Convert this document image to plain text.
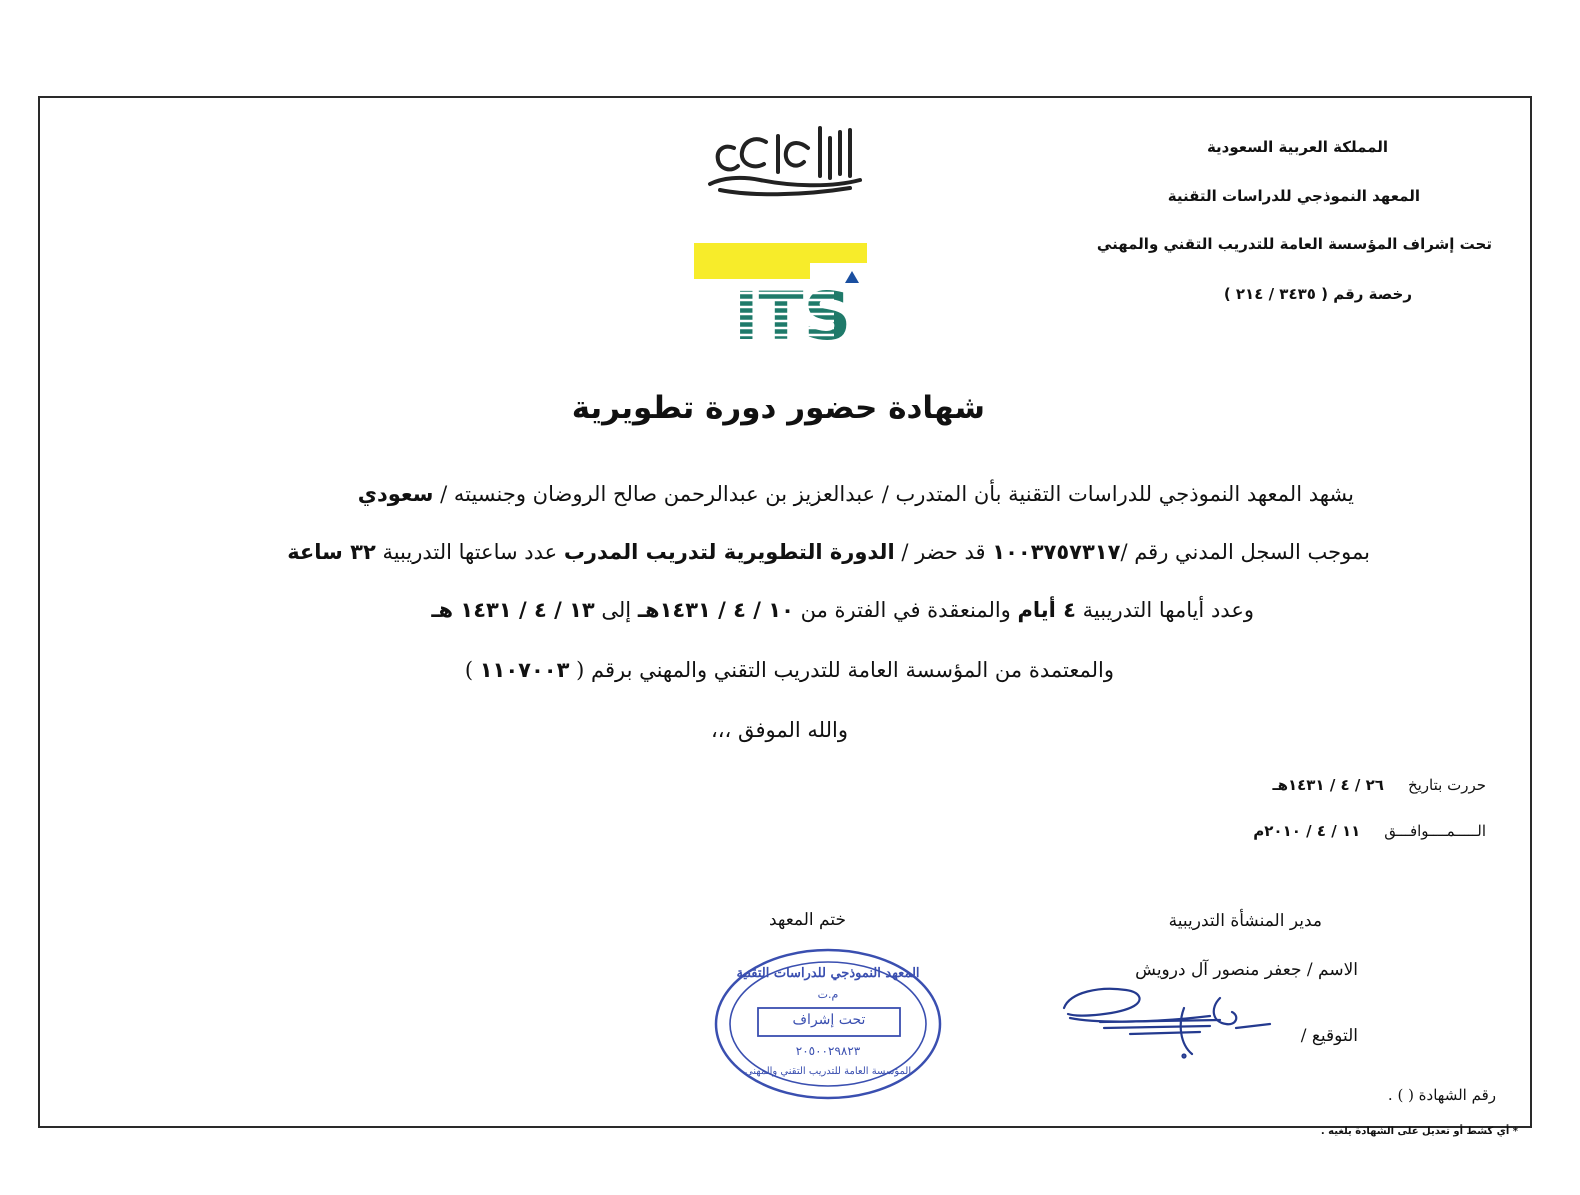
المملكة العربية السعودية
المعهد النموذجي للدراسات التقنية
تحت إشراف المؤسسة العامة للتدريب التقني والمهني
رخصة رقم ( ٣٤٣٥ / ٢١٤ )
ITS
شهادة حضور دورة تطويرية
يشهد المعهد النموذجي للدراسات التقنية بأن المتدرب / عبدالعزيز بن عبدالرحمن صالح الروضان وجنسيته / سعودي
بموجب السجل المدني رقم /١٠٠٣٧٥٧٣١٧ قد حضر / الدورة التطويرية لتدريب المدرب عدد ساعتها التدريبية ٣٢ ساعة
وعدد أيامها التدريبية ٤ أيام والمنعقدة في الفترة من ١٠ / ٤ / ١٤٣١هـ إلى ١٣ / ٤ / ١٤٣١ هـ
والمعتمدة من المؤسسة العامة للتدريب التقني والمهني برقم ( ١١٠٧٠٠٣ )
والله الموفق ،،،
حررت بتاريخ
٢٦ / ٤ / ١٤٣١هـ
الـــــمــــوافـــق
١١ / ٤ / ٢٠١٠م
مدير المنشأة التدريبية
الاسم / جعفر منصور آل درويش
التوقيع /
ختم المعهد
المعهد النموذجي للدراسات التقنية
م.ت
تحت إشراف
٢٠٥٠٠٢٩٨٢٣
المؤسسة العامة للتدريب التقني والمهني
رقم الشهادة ( ) .
* أي كشط أو تعديل على الشهادة يلغيه .
